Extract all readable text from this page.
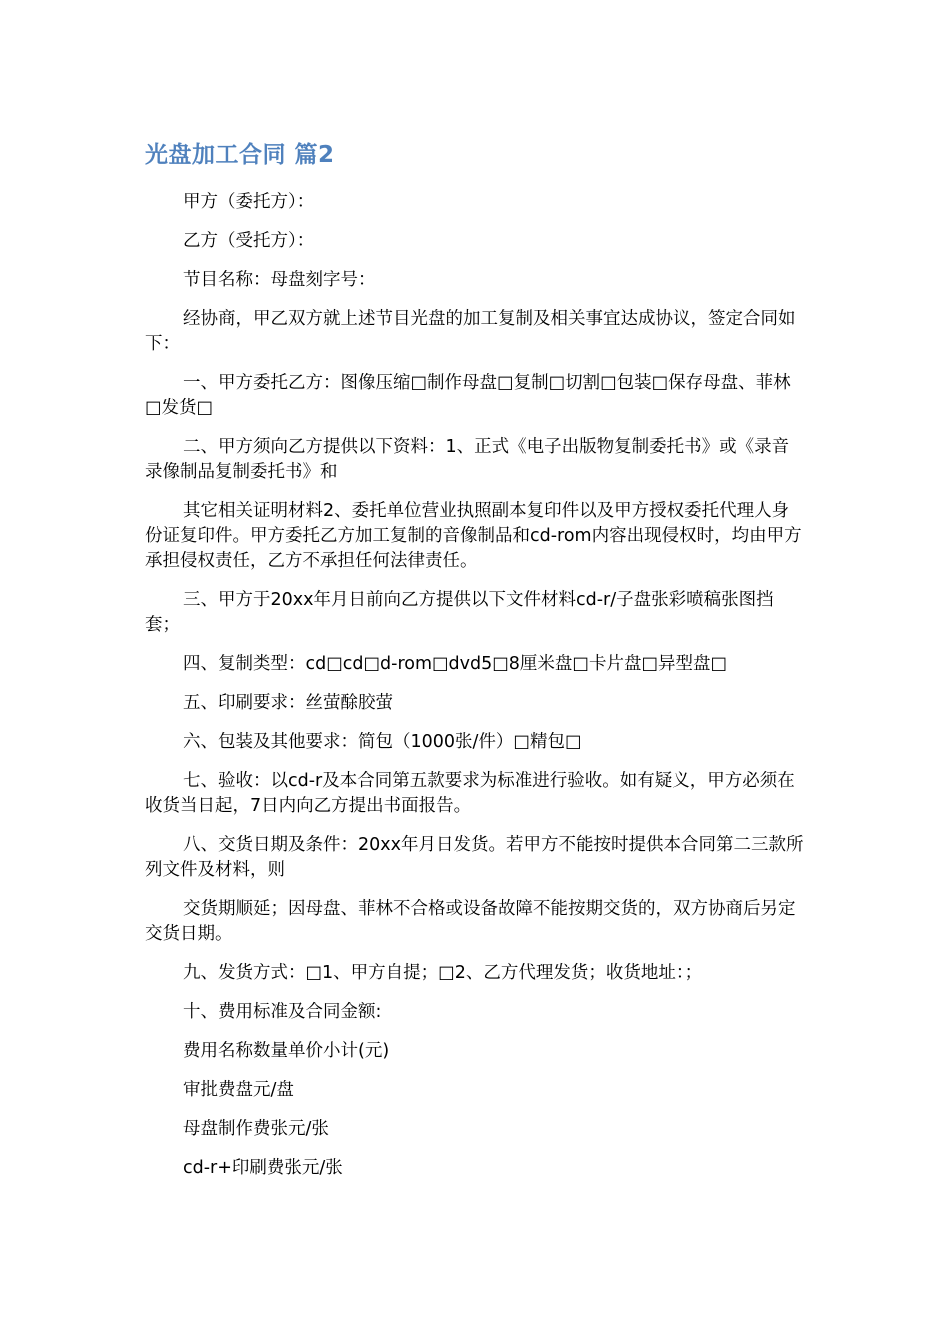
光盘加工合同 篇2
甲方（委托方）：
乙方（受托方）：
节目名称：母盘刻字号：
经协商，甲乙双方就上述节目光盘的加工复制及相关事宜达成协议，签定合同如下：
一、甲方委托乙方：图像压缩□制作母盘□复制□切割□包装□保存母盘、菲林□发货□
二、甲方须向乙方提供以下资料：1、正式《电子出版物复制委托书》或《录音录像制品复制委托书》和
其它相关证明材料2、委托单位营业执照副本复印件以及甲方授权委托代理人身份证复印件。甲方委托乙方加工复制的音像制品和cd-rom内容出现侵权时，均由甲方承担侵权责任，乙方不承担任何法律责任。
三、甲方于20xx年月日前向乙方提供以下文件材料cd-r/子盘张彩喷稿张图挡套；
四、复制类型：cd□cd□d-rom□dvd5□8厘米盘□卡片盘□异型盘□
五、印刷要求：丝萤酴胶萤
六、包装及其他要求：简包（1000张/件）□精包□
七、验收：以cd-r及本合同第五款要求为标准进行验收。如有疑义，甲方必须在收货当日起，7日内向乙方提出书面报告。
八、交货日期及条件：20xx年月日发货。若甲方不能按时提供本合同第二三款所列文件及材料，则
交货期顺延；因母盘、菲林不合格或设备故障不能按期交货的，双方协商后另定交货日期。
九、发货方式：□1、甲方自提；□2、乙方代理发货；收货地址：；
十、费用标准及合同金额:
费用名称数量单价小计(元)
审批费盘元/盘
母盘制作费张元/张
cd-r+印刷费张元/张
